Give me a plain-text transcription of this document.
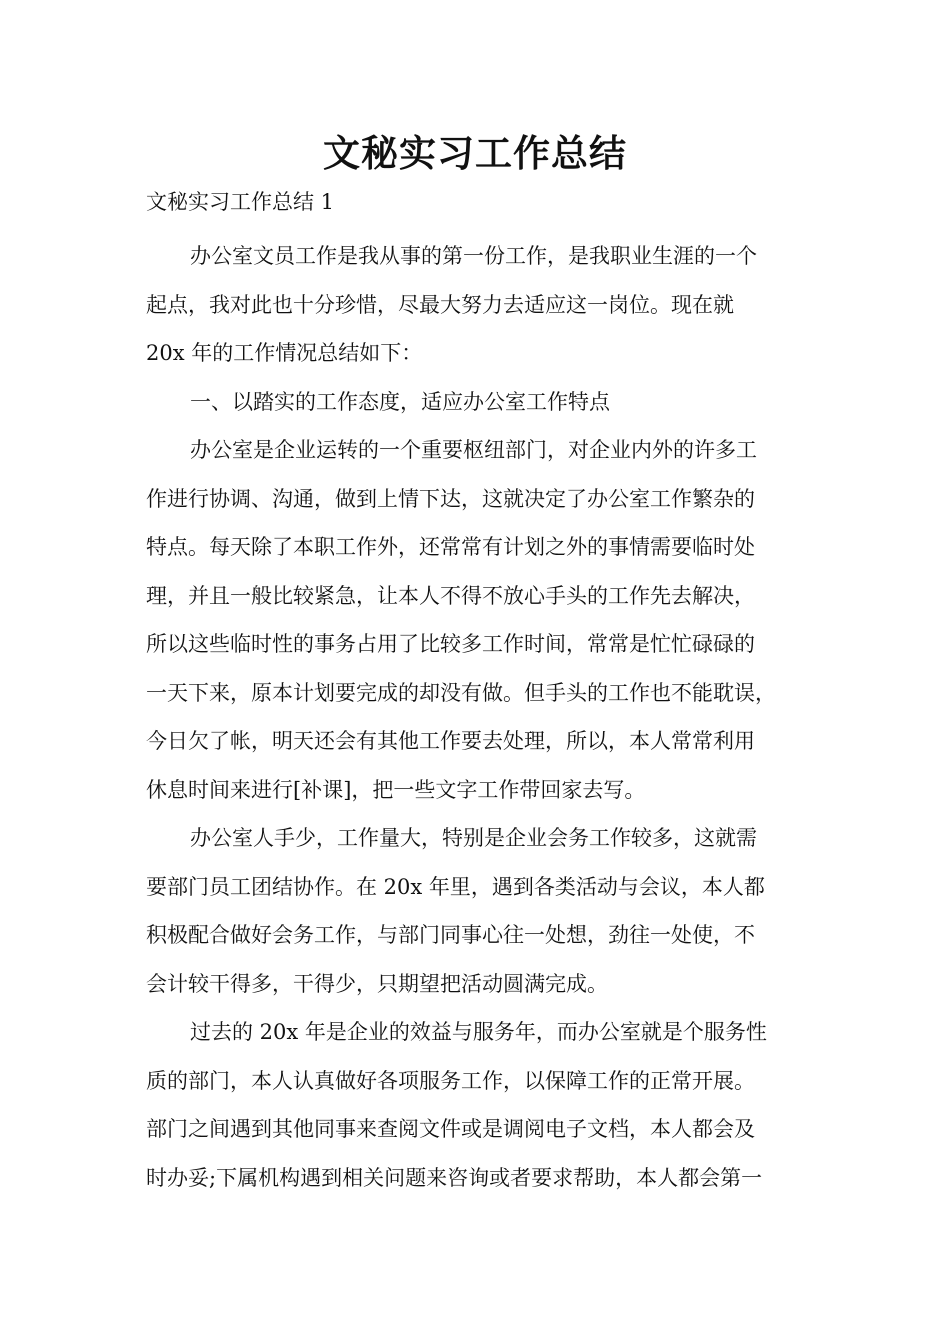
文秘实习工作总结

文秘实习工作总结 1

办公室文员工作是我从事的第一份工作，是我职业生涯的一个
起点，我对此也十分珍惜，尽最大努力去适应这一岗位。现在就
20x 年的工作情况总结如下：

一、以踏实的工作态度，适应办公室工作特点

办公室是企业运转的一个重要枢纽部门，对企业内外的许多工
作进行协调、沟通，做到上情下达，这就决定了办公室工作繁杂的
特点。每天除了本职工作外，还常常有计划之外的事情需要临时处
理，并且一般比较紧急，让本人不得不放心手头的工作先去解决，
所以这些临时性的事务占用了比较多工作时间，常常是忙忙碌碌的
一天下来，原本计划要完成的却没有做。但手头的工作也不能耽误，
今日欠了帐，明天还会有其他工作要去处理，所以，本人常常利用
休息时间来进行[补课]，把一些文字工作带回家去写。

办公室人手少，工作量大，特别是企业会务工作较多，这就需
要部门员工团结协作。在 20x 年里，遇到各类活动与会议，本人都
积极配合做好会务工作，与部门同事心往一处想，劲往一处使，不
会计较干得多，干得少，只期望把活动圆满完成。

过去的 20x 年是企业的效益与服务年，而办公室就是个服务性
质的部门，本人认真做好各项服务工作，以保障工作的正常开展。
部门之间遇到其他同事来查阅文件或是调阅电子文档，本人都会及
时办妥;下属机构遇到相关问题来咨询或者要求帮助，本人都会第一
